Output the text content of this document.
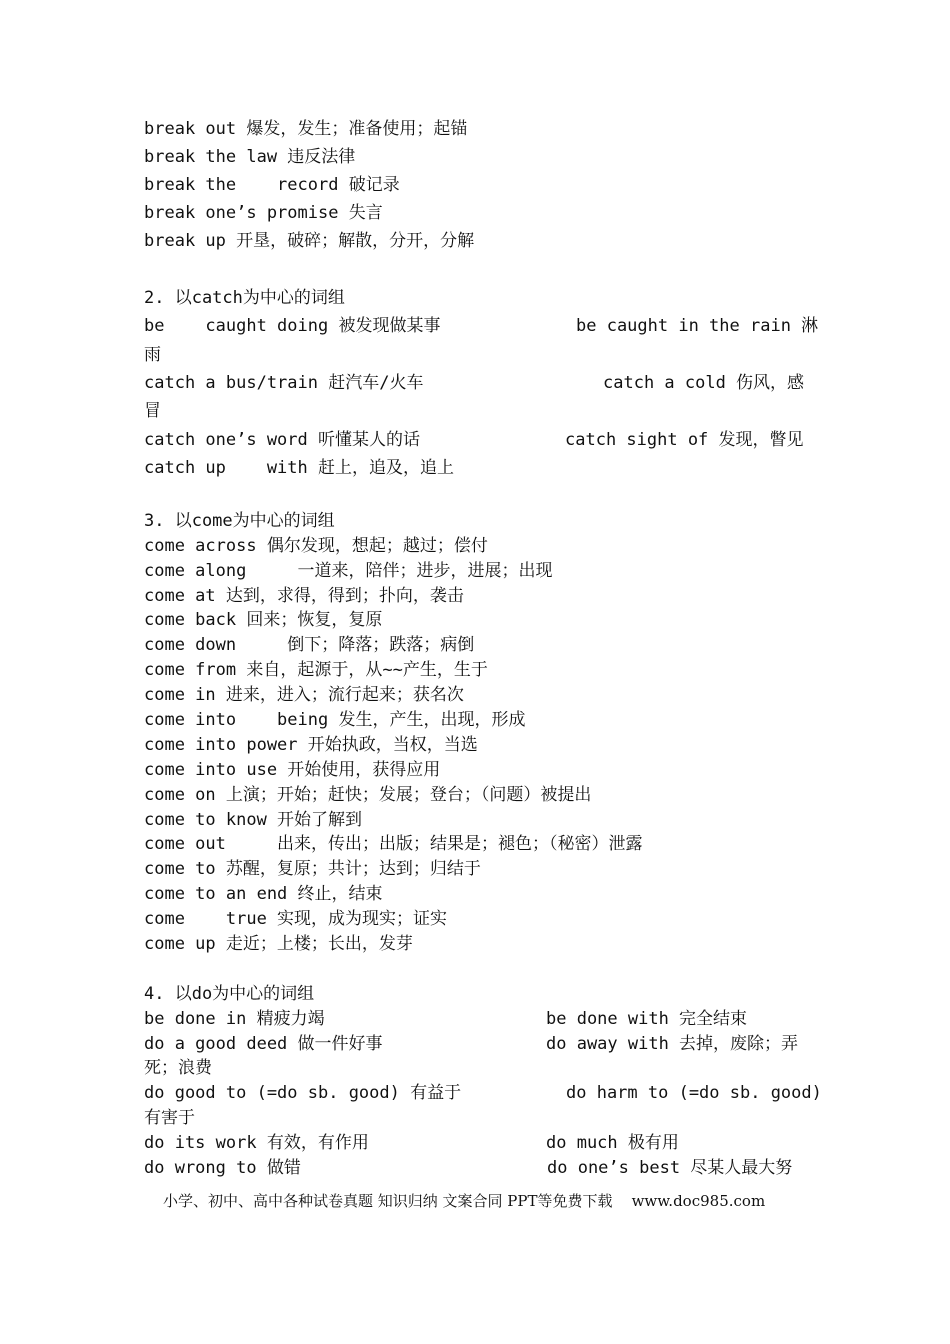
break out 爆发，发生；准备使用；起锚
break the law 违反法律
break the    record 破记录
break one’s promise 失言
break up 开垦，破碎；解散，分开，分解
2. 以catch为中心的词组
be    caught doing 被发现做某事	be caught in the rain 淋
雨
catch a bus/train 赶汽车/火车	catch a cold 伤风，感
冒
catch one’s word 听懂某人的话	catch sight of 发现，瞥见
catch up    with 赶上，追及，追上
3. 以come为中心的词组
come across 偶尔发现，想起；越过；偿付
come along     一道来，陪伴；进步，进展；出现
come at 达到，求得，得到；扑向，袭击
come back 回来；恢复，复原
come down     倒下；降落；跌落；病倒
come from 来自，起源于，从~~产生，生于
come in 进来，进入；流行起来；获名次
come into    being 发生，产生，出现，形成
come into power 开始执政，当权，当选
come into use 开始使用，获得应用
come on 上演；开始；赶快；发展；登台；（问题）被提出
come to know 开始了解到
come out     出来，传出；出版；结果是；褪色；（秘密）泄露
come to 苏醒，复原；共计；达到；归结于
come to an end 终止，结束
come    true 实现，成为现实；证实
come up 走近；上楼；长出，发芽
4. 以do为中心的词组
be done in 精疲力竭	be done with 完全结束
do a good deed 做一件好事	do away with 去掉，废除；弄
死；浪费
do good to (=do sb. good) 有益于	do harm to (=do sb. good)
有害于
do its work 有效，有作用	do much 极有用
do wrong to 做错	do one’s best 尽某人最大努
小学、初中、高中各种试卷真题 知识归纳 文案合同 PPT等免费下载    www.doc985.com
